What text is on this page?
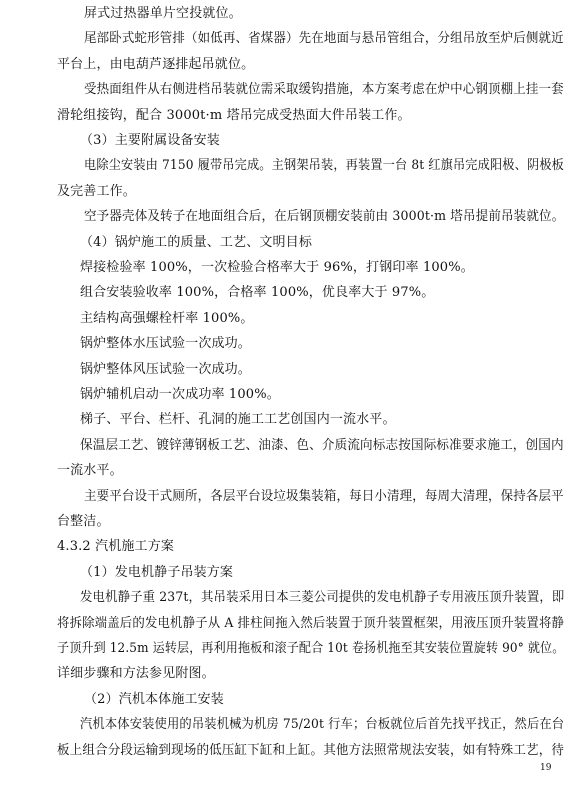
屏式过热器单片空投就位。
尾部卧式蛇形管排（如低再、省煤器）先在地面与悬吊管组合，分组吊放至炉后侧就近
平台上，由电葫芦逐排起吊就位。
受热面组件从右侧进档吊装就位需采取缓钩措施，本方案考虑在炉中心钢顶棚上挂一套
滑轮组接钩，配合 3000t·m 塔吊完成受热面大件吊装工作。
（3）主要附属设备安装
电除尘安装由 7150 履带吊完成。主钢架吊装，再装置一台 8t 红旗吊完成阳极、阴极板
及完善工作。
空予器壳体及转子在地面组合后，在后钢顶棚安装前由 3000t·m 塔吊提前吊装就位。
（4）锅炉施工的质量、工艺、文明目标
焊接检验率 100%，一次检验合格率大于 96%，打钢印率 100%。
组合安装验收率 100%，合格率 100%，优良率大于 97%。
主结构高强螺栓杆率 100%。
锅炉整体水压试验一次成功。
锅炉整体风压试验一次成功。
锅炉辅机启动一次成功率 100%。
梯子、平台、栏杆、孔洞的施工工艺创国内一流水平。
保温层工艺、镀锌薄钢板工艺、油漆、色、介质流向标志按国际标准要求施工，创国内
一流水平。
主要平台设干式厕所，各层平台设垃圾集装箱，每日小清理，每周大清理，保持各层平
台整洁。
4.3.2 汽机施工方案
（1）发电机静子吊装方案
发电机静子重 237t，其吊装采用日本三菱公司提供的发电机静子专用液压顶升装置，即
将拆除端盖后的发电机静子从 A 排柱间拖入然后装置于顶升装置框架，用液压顶升装置将静
子顶升到 12.5m 运转层，再利用拖板和滚子配合 10t 卷扬机拖至其安装位置旋转 90° 就位。
详细步骤和方法参见附图。
（2）汽机本体施工安装
汽机本体安装使用的吊装机械为机房 75/20t 行车；台板就位后首先找平找正，然后在台
板上组合分段运输到现场的低压缸下缸和上缸。其他方法照常规法安装，如有特殊工艺，待
19
